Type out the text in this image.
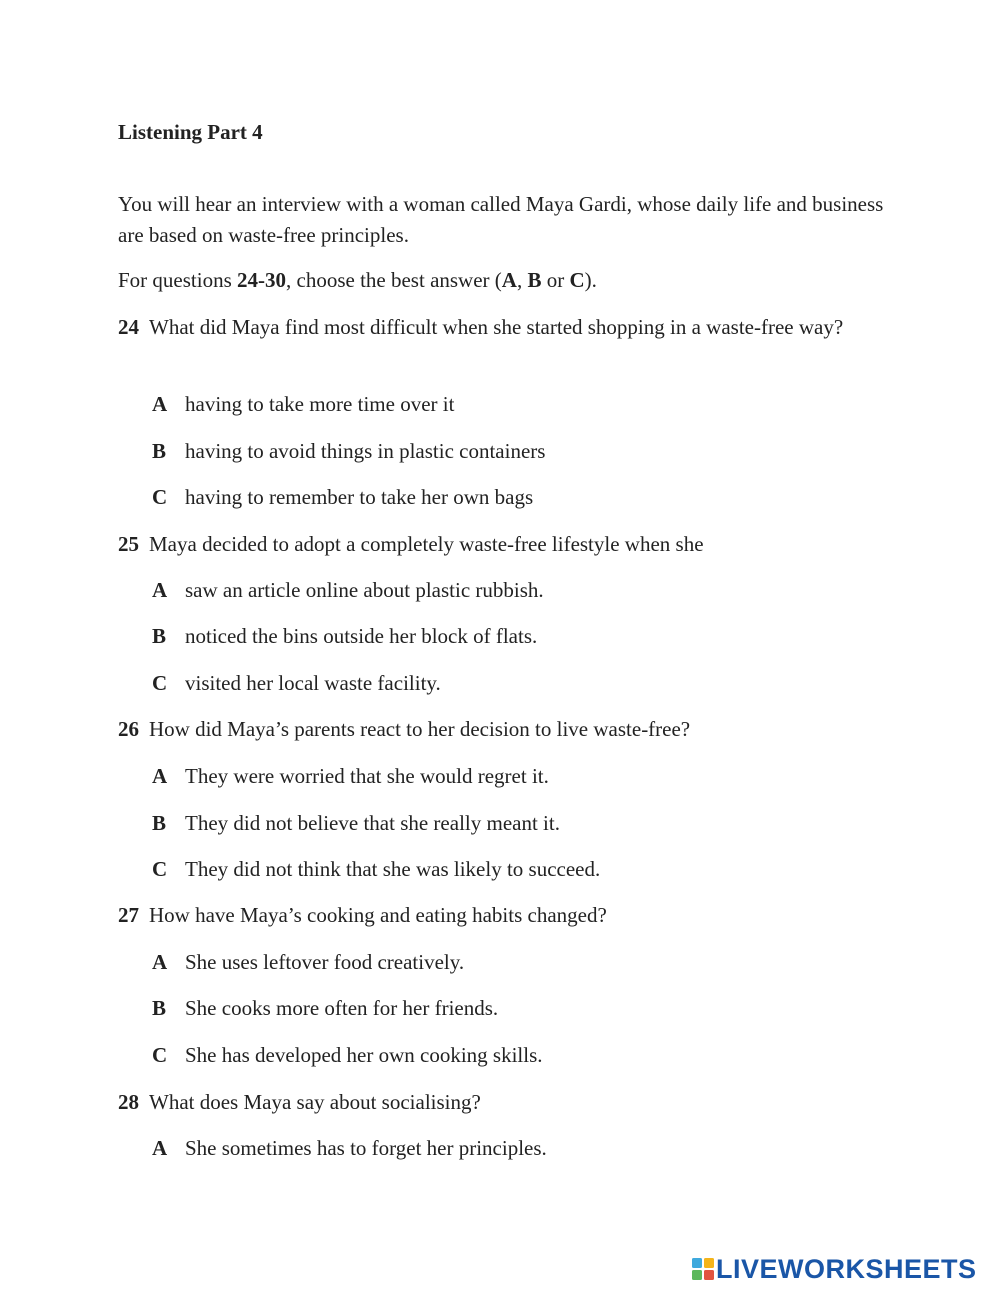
Listening Part 4

You will hear an interview with a woman called Maya Gardi, whose daily life and business are based on waste-free principles.

For questions 24-30, choose the best answer (A, B or C).

24 What did Maya find most difficult when she started shopping in a waste-free way?

A having to take more time over it

B having to avoid things in plastic containers

C having to remember to take her own bags

25 Maya decided to adopt a completely waste-free lifestyle when she

A saw an article online about plastic rubbish.

B noticed the bins outside her block of flats.

C visited her local waste facility.

26 How did Maya’s parents react to her decision to live waste-free?

A They were worried that she would regret it.

B They did not believe that she really meant it.

C They did not think that she was likely to succeed.

27 How have Maya’s cooking and eating habits changed?

A She uses leftover food creatively.

B She cooks more often for her friends.

C She has developed her own cooking skills.

28 What does Maya say about socialising?

A She sometimes has to forget her principles.

LIVEWORKSHEETS
